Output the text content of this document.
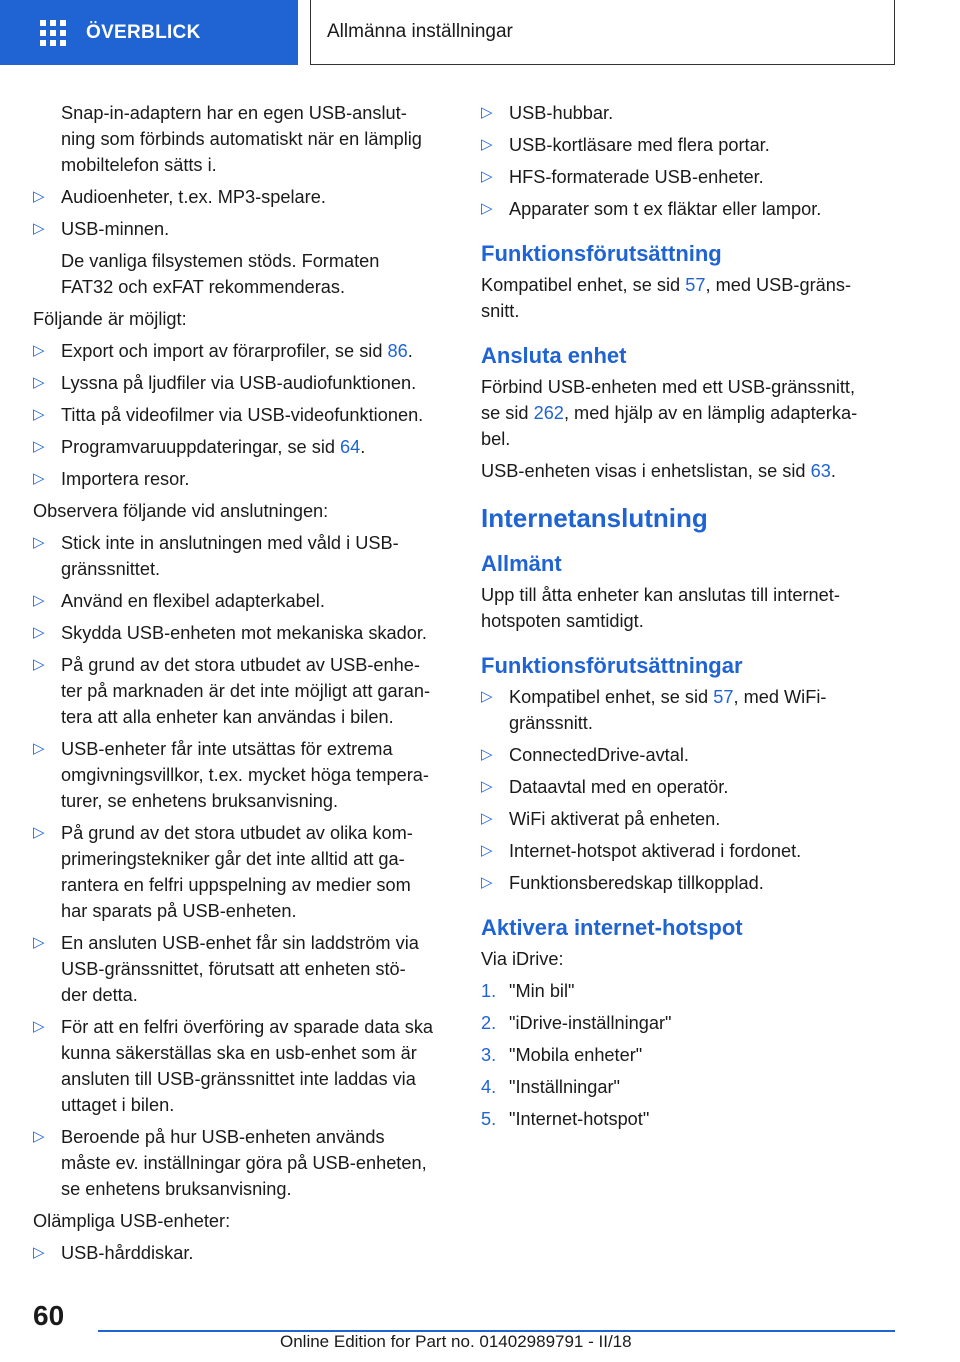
ÖVERBLICK	Allmänna inställningar
Snap-in-adaptern har en egen USB-anslut-
ning som förbinds automatiskt när en lämplig
mobiltelefon sätts i.
▷ Audioenheter, t.ex. MP3-spelare.
▷ USB-minnen.
De vanliga filsystemen stöds. Formaten
FAT32 och exFAT rekommenderas.
Följande är möjligt:
▷ Export och import av förarprofiler, se sid 86.
▷ Lyssna på ljudfiler via USB-audiofunktionen.
▷ Titta på videofilmer via USB-videofunktionen.
▷ Programvaruuppdateringar, se sid 64.
▷ Importera resor.
Observera följande vid anslutningen:
▷ Stick inte in anslutningen med våld i USB-
gränssnittet.
▷ Använd en flexibel adapterkabel.
▷ Skydda USB-enheten mot mekaniska skador.
▷ På grund av det stora utbudet av USB-enhe-
ter på marknaden är det inte möjligt att garan-
tera att alla enheter kan användas i bilen.
▷ USB-enheter får inte utsättas för extrema
omgivningsvillkor, t.ex. mycket höga tempera-
turer, se enhetens bruksanvisning.
▷ På grund av det stora utbudet av olika kom-
primeringstekniker går det inte alltid att ga-
rantera en felfri uppspelning av medier som
har sparats på USB-enheten.
▷ En ansluten USB-enhet får sin laddström via
USB-gränssnittet, förutsatt att enheten stö-
der detta.
▷ För att en felfri överföring av sparade data ska
kunna säkerställas ska en usb-enhet som är
ansluten till USB-gränssnittet inte laddas via
uttaget i bilen.
▷ Beroende på hur USB-enheten används
måste ev. inställningar göra på USB-enheten,
se enhetens bruksanvisning.
Olämpliga USB-enheter:
▷ USB-hårddiskar.
▷ USB-hubbar.
▷ USB-kortläsare med flera portar.
▷ HFS-formaterade USB-enheter.
▷ Apparater som t ex fläktar eller lampor.
Funktionsförutsättning
Kompatibel enhet, se sid 57, med USB-gräns-
snitt.
Ansluta enhet
Förbind USB-enheten med ett USB-gränssnitt,
se sid 262, med hjälp av en lämplig adapterka-
bel.
USB-enheten visas i enhetslistan, se sid 63.
Internetanslutning
Allmänt
Upp till åtta enheter kan anslutas till internet-
hotspoten samtidigt.
Funktionsförutsättningar
▷ Kompatibel enhet, se sid 57, med WiFi-
gränssnitt.
▷ ConnectedDrive-avtal.
▷ Dataavtal med en operatör.
▷ WiFi aktiverat på enheten.
▷ Internet-hotspot aktiverad i fordonet.
▷ Funktionsberedskap tillkopplad.
Aktivera internet-hotspot
Via iDrive:
1. "Min bil"
2. "iDrive-inställningar"
3. "Mobila enheter"
4. "Inställningar"
5. "Internet-hotspot"
60
Online Edition for Part no. 01402989791 - II/18
